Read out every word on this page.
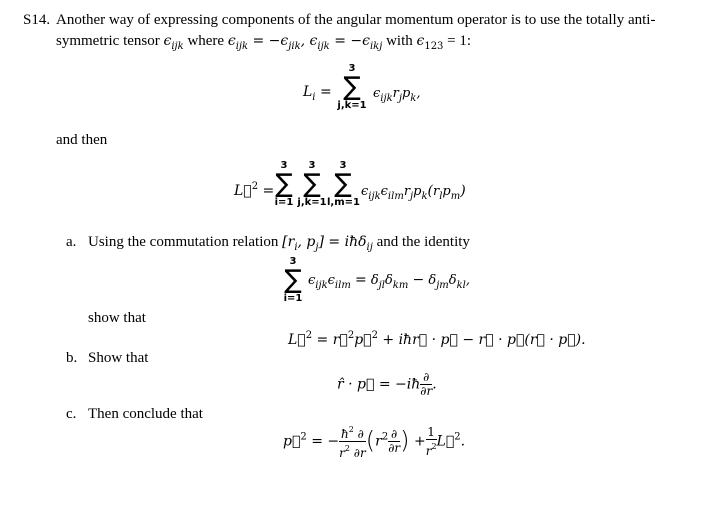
S14. Another way of expressing components of the angular momentum operator is to use the totally anti-
symmetric tensor $\epsilon_{ijk}$ where $\epsilon_{ijk} = -\epsilon_{jik}$, $\epsilon_{ijk} = -\epsilon_{ikj}$ with $\epsilon_{123} = 1$:
$L_i$ =
3
∑
j,k=1
$\epsilon_{ijk}r_jp_k$,
and then
L⃗$^2$ =
3
∑
i=1
3
∑
j,k=1
3
∑
l,m=1
$\epsilon_{ijk}\epsilon_{ilm}r_jp_k(r_lp_m)$
a. Using the commutation relation [$r_i$, $p_j$] = iħδ$_{ij}$ and the identity
3
∑
i=1
$\epsilon_{ijk}\epsilon_{ilm} = \delta_{jl}\delta_{km} - \delta_{jm}\delta_{kl}$,
show that
L⃗$^2$ = r⃗$^2$p⃗$^2$ + iħr⃗ · p⃗ − r⃗ · p⃗(r⃗ · p⃗).
b. Show that
r̂ · p⃗ = −iħ $\frac{\partial}{\partial r}$ .
c. Then conclude that
p⃗$^2$ = − $\frac{ħ^2 \partial}{r^2 \partial r} (r^2 \frac{\partial}{\partial r}$ ) + $\frac{1}{r^2}$ L⃗$^2$.
